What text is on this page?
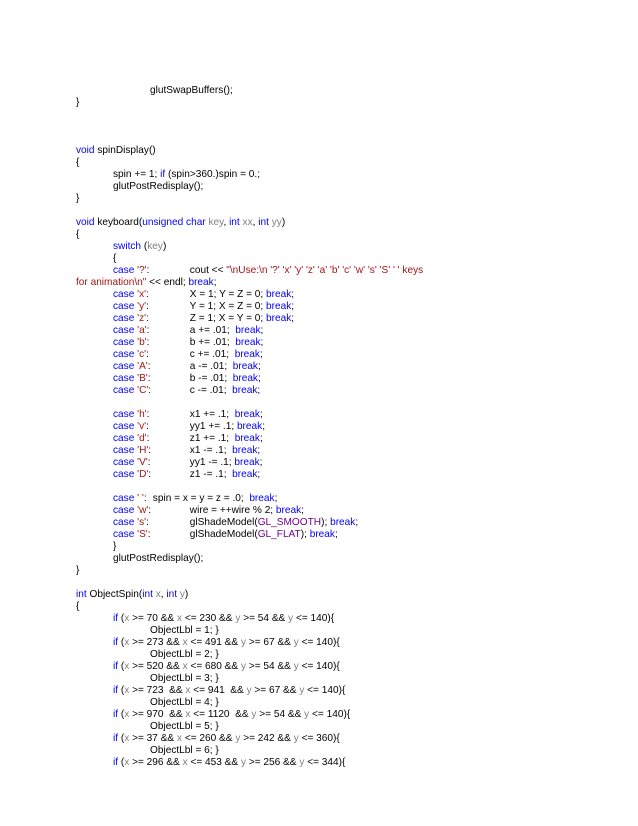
		glutSwapBuffers();
}

void spinDisplay()
{
	spin += 1; if (spin>360.)spin = 0.;
	glutPostRedisplay();
}

void keyboard(unsigned char key, int xx, int yy)
{
	switch (key)
	{
	case '?':	cout << "\nUse:\n '?' 'x' 'y' 'z' 'a' 'b' 'c' 'w' 's' 'S' ' ' keys
for animation\n" << endl; break;
	case 'x':	X = 1; Y = Z = 0; break;
	case 'y':	Y = 1; X = Z = 0; break;
	case 'z':	Z = 1; X = Y = 0; break;
	case 'a':	a += .01;  break;
	case 'b':	b += .01;  break;
	case 'c':	c += .01;  break;
	case 'A':	a -= .01;  break;
	case 'B':	b -= .01;  break;
	case 'C':	c -= .01;  break;

	case 'h':	x1 += .1;  break;
	case 'v':	yy1 += .1; break;
	case 'd':	z1 += .1;  break;
	case 'H':	x1 -= .1;  break;
	case 'V':	yy1 -= .1; break;
	case 'D':	z1 -= .1;  break;

	case ' ':	spin = x = y = z = .0;  break;
	case 'w':	wire = ++wire % 2; break;
	case 's':	glShadeModel(GL_SMOOTH); break;
	case 'S':	glShadeModel(GL_FLAT); break;
	}
	glutPostRedisplay();
}

int ObjectSpin(int x, int y)
{
	if (x >= 70 && x <= 230 && y >= 54 && y <= 140){
		ObjectLbl = 1; }
	if (x >= 273 && x <= 491 && y >= 67 && y <= 140){
		ObjectLbl = 2; }
	if (x >= 520 && x <= 680 && y >= 54 && y <= 140){
		ObjectLbl = 3; }
	if (x >= 723  && x <= 941  && y >= 67 && y <= 140){
		ObjectLbl = 4; }
	if (x >= 970  && x <= 1120  && y >= 54 && y <= 140){
		ObjectLbl = 5; }
	if (x >= 37 && x <= 260 && y >= 242 && y <= 360){
		ObjectLbl = 6; }
	if (x >= 296 && x <= 453 && y >= 256 && y <= 344){
